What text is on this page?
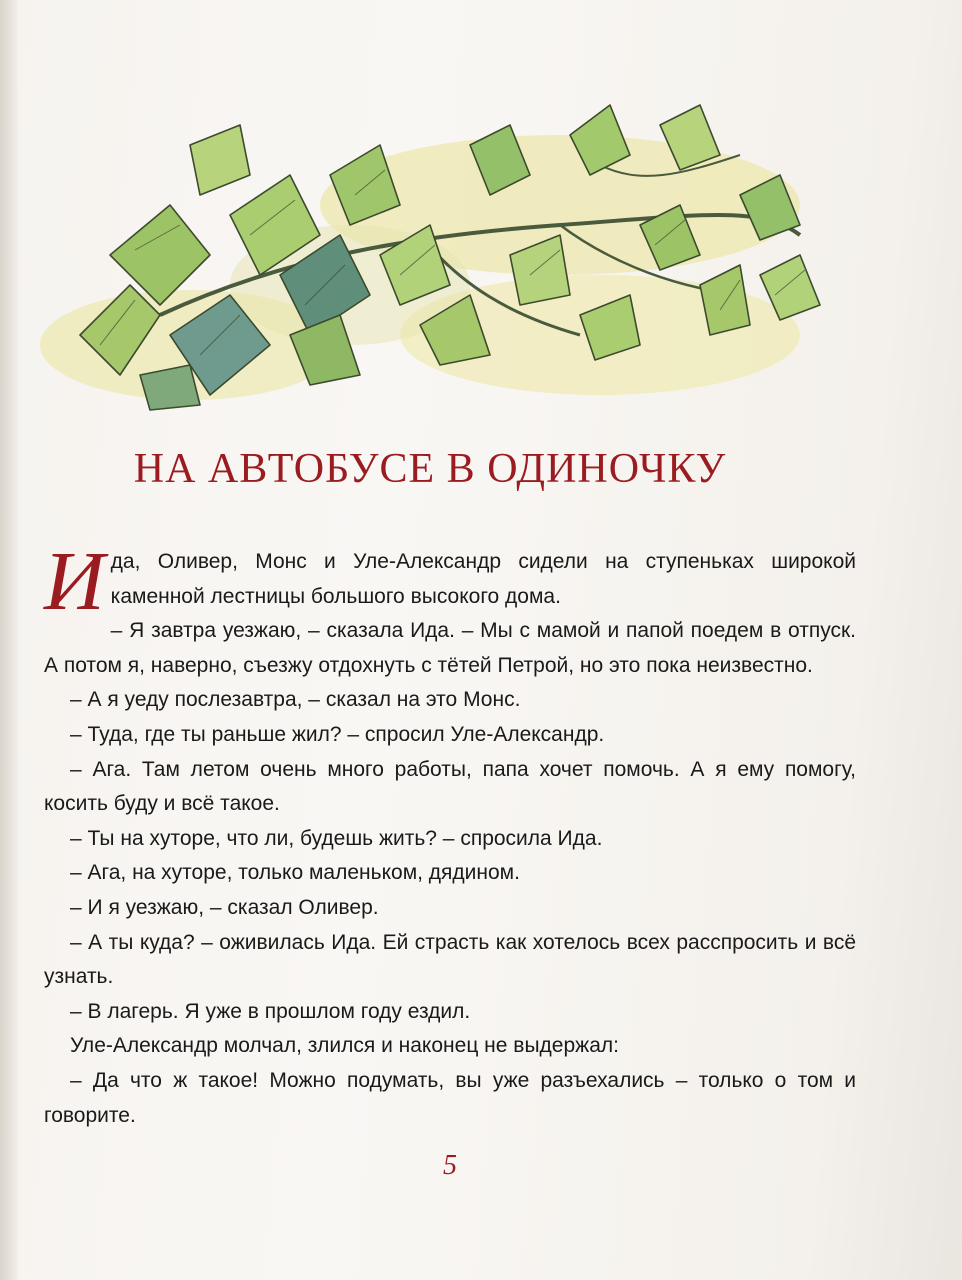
НА АВТОБУСЕ В ОДИНОЧКУ

Ида, Оливер, Монс и Уле-Александр сидели на ступеньках широкой каменной лестницы большого высокого дома.

– Я завтра уезжаю, – сказала Ида. – Мы с мамой и папой поедем в отпуск. А потом я, наверно, съезжу отдохнуть с тётей Петрой, но это пока неизвестно.

– А я уеду послезавтра, – сказал на это Монс.

– Туда, где ты раньше жил? – спросил Уле-Александр.

– Ага. Там летом очень много работы, папа хочет помочь. А я ему помогу, косить буду и всё такое.

– Ты на хуторе, что ли, будешь жить? – спросила Ида.

– Ага, на хуторе, только маленьком, дядином.

– И я уезжаю, – сказал Оливер.

– А ты куда? – оживилась Ида. Ей страсть как хотелось всех расспросить и всё узнать.

– В лагерь. Я уже в прошлом году ездил.

Уле-Александр молчал, злился и наконец не выдержал:

– Да что ж такое! Можно подумать, вы уже разъехались – только о том и говорите.

5
